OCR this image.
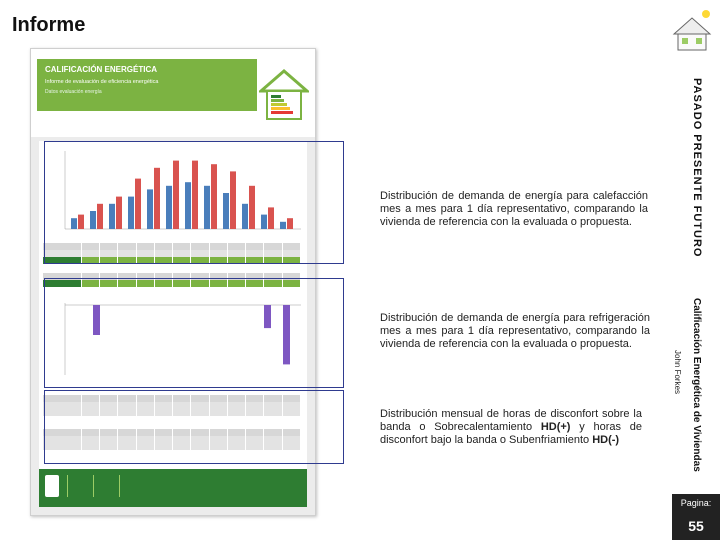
Informe
CALIFICACIÓN ENERGÉTICA
Informe de evaluación de eficiencia energética
Datos evaluación energía
Distribución de demanda de energía para calefacción mes a mes para 1 día representativo, comparando la vivienda de referencia con la evaluada o propuesta.
Distribución de demanda de energía para refrigeración mes a mes para 1 día representativo, comparando la vivienda de referencia con la evaluada o propuesta.
Distribución mensual de horas de disconfort sobre la banda o Sobrecalentamiento HD(+) y horas de disconfort bajo la banda o Subenfriamiento HD(-)
PASADO PRESENTE FUTURO
Calificación Energética de Viviendas
John Forkes
Pagina:
55
